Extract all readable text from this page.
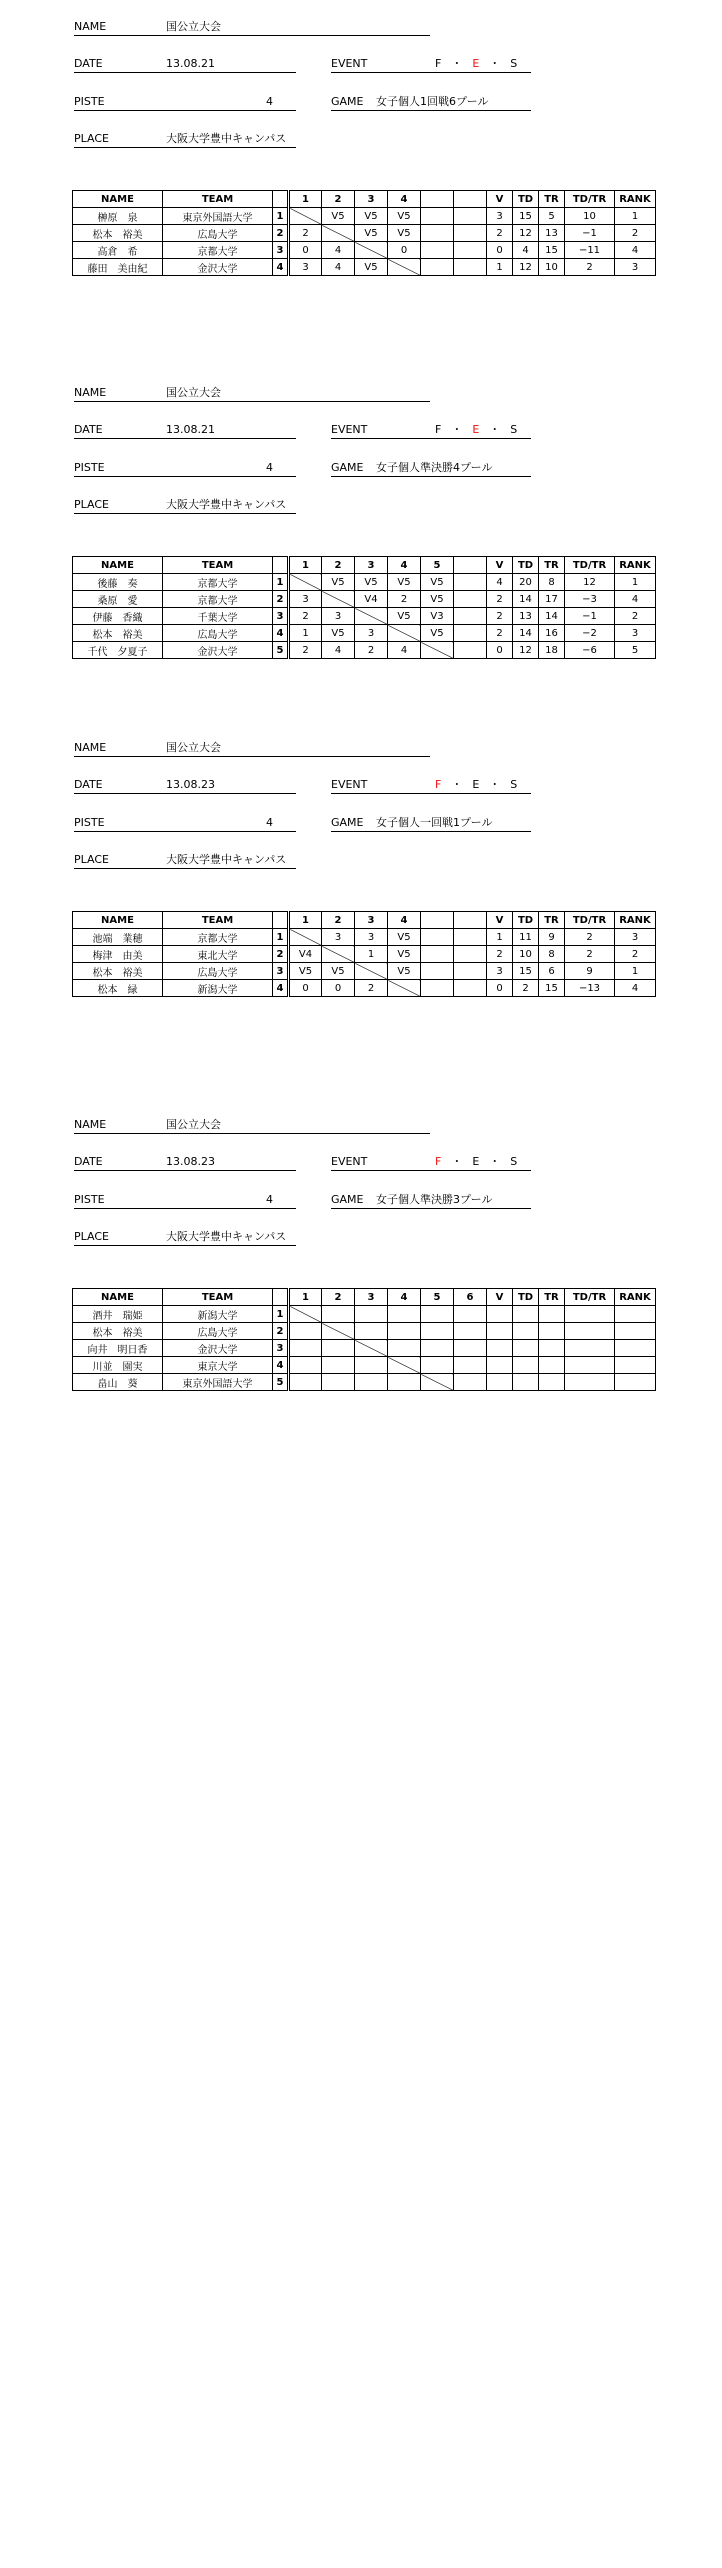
NAME	国公立大会
DATE	13.08.21	EVENT	F ・ E ・ S
PISTE	4	GAME 女子個人1回戦6プール
PLACE	大阪大学豊中キャンパス
NAME	TEAM		1	2	3	4			V	TD	TR	TD/TR	RANK
榊原　泉	東京外国語大学	1		V5	V5	V5			3	15	5	10	1
松本　裕美	広島大学	2	2		V5	V5			2	12	13	−1	2
高倉　希	京都大学	3	0	4		0			0	4	15	−11	4
藤田　美由紀	金沢大学	4	3	4	V5				1	12	10	2	3
NAME	国公立大会
DATE	13.08.21	EVENT	F ・ E ・ S
PISTE	4	GAME 女子個人準決勝4プール
PLACE	大阪大学豊中キャンパス
NAME	TEAM		1	2	3	4	5		V	TD	TR	TD/TR	RANK
後藤　奏	京都大学	1		V5	V5	V5	V5		4	20	8	12	1
桑原　愛	京都大学	2	3		V4	2	V5		2	14	17	−3	4
伊藤　香織	千葉大学	3	2	3		V5	V3		2	13	14	−1	2
松本　裕美	広島大学	4	1	V5	3		V5		2	14	16	−2	3
千代　夕夏子	金沢大学	5	2	4	2	4			0	12	18	−6	5
NAME	国公立大会
DATE	13.08.23	EVENT	F ・ E ・ S
PISTE	4	GAME 女子個人一回戦1プール
PLACE	大阪大学豊中キャンパス
NAME	TEAM		1	2	3	4			V	TD	TR	TD/TR	RANK
池端　業穂	京都大学	1		3	3	V5			1	11	9	2	3
梅津　由美	東北大学	2	V4		1	V5			2	10	8	2	2
松本　裕美	広島大学	3	V5	V5		V5			3	15	6	9	1
松本　緑	新潟大学	4	0	0	2				0	2	15	−13	4
NAME	国公立大会
DATE	13.08.23	EVENT	F ・ E ・ S
PISTE	4	GAME 女子個人準決勝3プール
PLACE	大阪大学豊中キャンパス
NAME	TEAM		1	2	3	4	5	6	V	TD	TR	TD/TR	RANK
酒井　瑞姫	新潟大学	1											
松本　裕美	広島大学	2											
向井　明日香	金沢大学	3											
川並　園実	東京大学	4											
畠山　葵	東京外国語大学	5											
